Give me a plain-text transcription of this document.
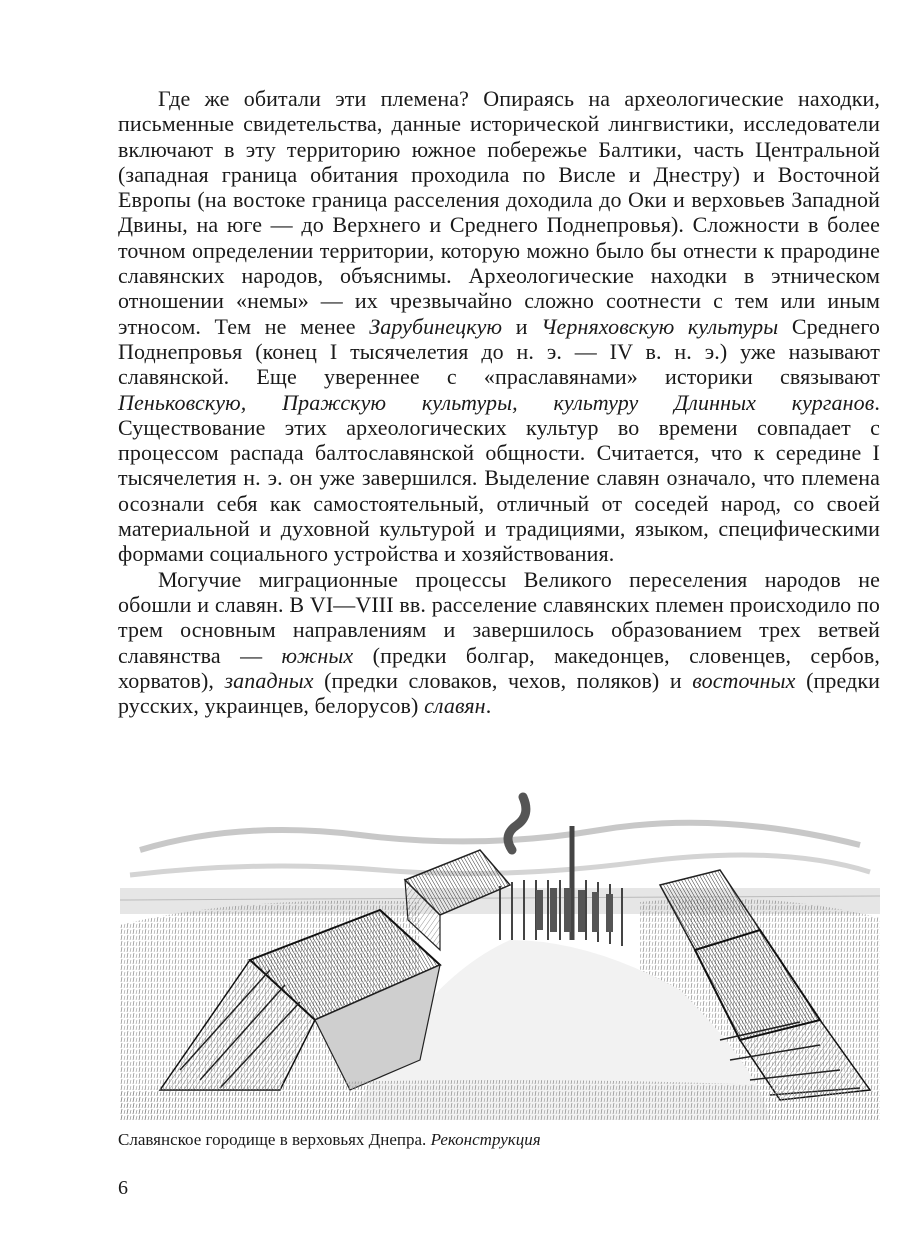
Где же обитали эти племена? Опираясь на археологические находки, письменные свидетельства, данные исторической лингвистики, исследователи включают в эту территорию южное побережье Балтики, часть Центральной (западная граница обитания проходила по Висле и Днестру) и Восточной Европы (на востоке граница расселения доходила до Оки и верховьев Западной Двины, на юге — до Верхнего и Среднего Поднепровья). Сложности в более точном определении территории, которую можно было бы отнести к прародине славянских народов, объяснимы. Археологические находки в этническом отношении «немы» — их чрезвычайно сложно соотнести с тем или иным этносом. Тем не менее Зарубинецкую и Черняховскую культуры Среднего Поднепровья (конец I тысячелетия до н. э. — IV в. н. э.) уже называют славянской. Еще увереннее с «праславянами» историки связывают Пеньковскую, Пражскую культуры, культуру Длинных курганов. Существование этих археологических культур во времени совпадает с процессом распада балтославянской общности. Считается, что к середине I тысячелетия н. э. он уже завершился. Выделение славян означало, что племена осознали себя как самостоятельный, отличный от соседей народ, со своей материальной и духовной культурой и традициями, языком, специфическими формами социального устройства и хозяйствования.

Могучие миграционные процессы Великого переселения народов не обошли и славян. В VI—VIII вв. расселение славянских племен происходило по трем основным направлениям и завершилось образованием трех ветвей славянства — южных (предки болгар, македонцев, словенцев, сербов, хорватов), западных (предки словаков, чехов, поляков) и восточных (предки русских, украинцев, белорусов) славян.

Славянское городище в верховьях Днепра. Реконструкция
6
